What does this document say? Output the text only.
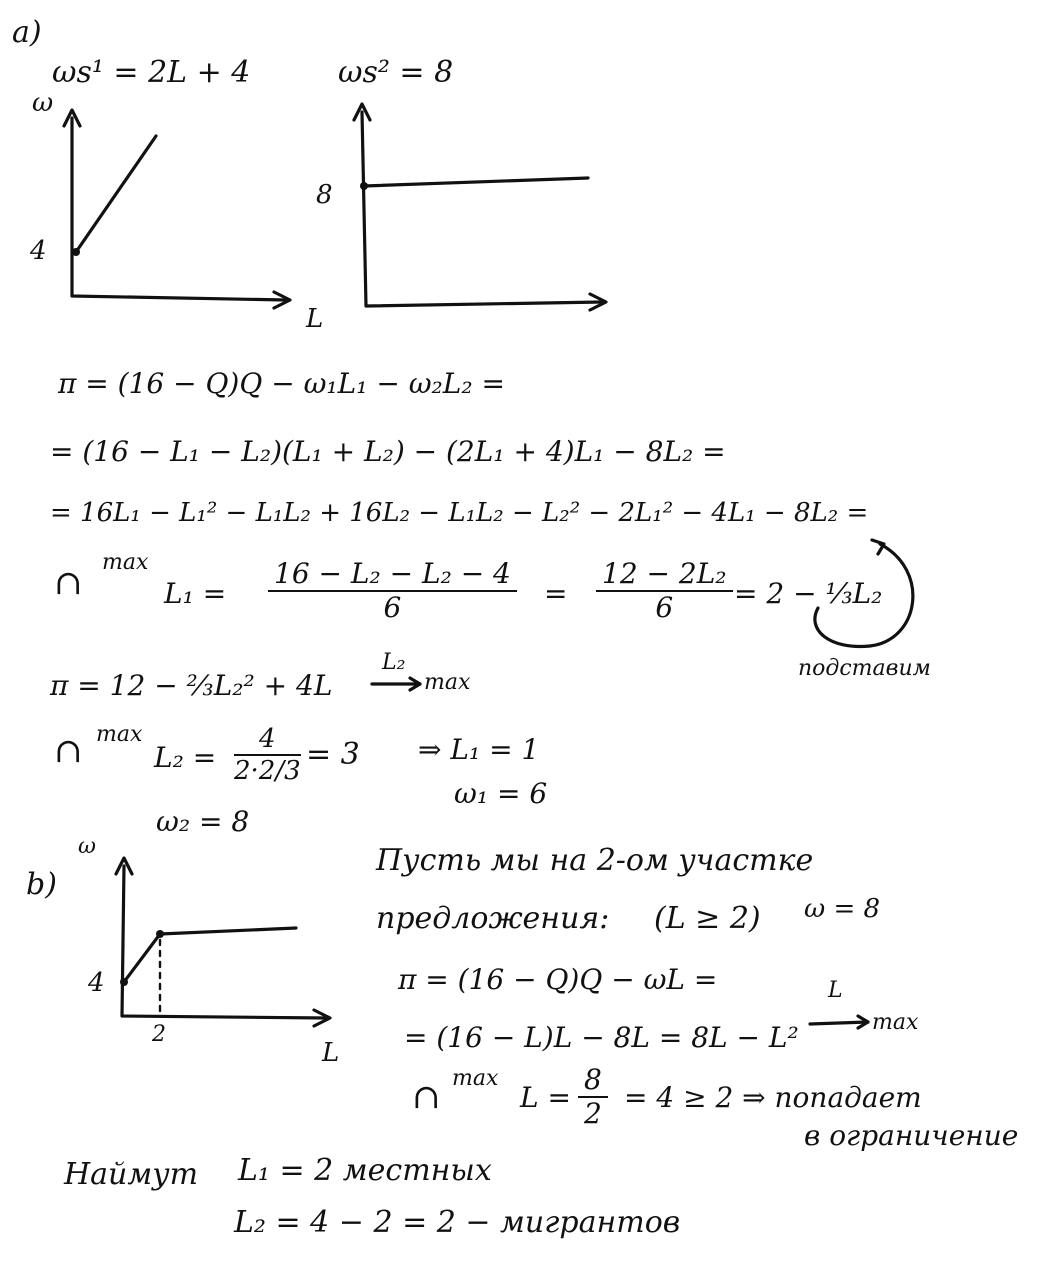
a)
ωs¹ = 2L + 4	ωs² = 8
ω
4
L
8
π = (16 − Q)Q − ω₁L₁ − ω₂L₂ =
= (16 − L₁ − L₂)(L₁ + L₂) − (2L₁ + 4)L₁ − 8L₂ =
= 16L₁ − L₁² − L₁L₂ + 16L₂ − L₁L₂ − L₂² − 2L₁² − 4L₁ − 8L₂ =
∩
max
$L_1 = \frac{\text{16 − L₂ − L₂ − 4}}{6} = \frac{\text{12 − 2L₂}}{6} = 2$ − ⅓L₂
подставим
π = 12 − ⅔L₂² + 4L
L₂
max
∩ max
$L_2 = \frac{4}{2\cdot 2/3} = 3$ ⇒ L₁ = 1
ω₁ = 6
ω₂ = 8
b)
ω
4
2
L
Пусть мы на 2-ом участке
предложения: (L ≥ 2) ω = 8
π = (16 − Q)Q − ωL =
= (16 − L)L − 8L = 8L − L²
L
max
∩ max
$L = \frac{8}{2} = 4 \ge 2$ ⇒ попадает
в ограничение
Наймут L₁ = 2 местных
L₂ = 4 − 2 = 2 − мигрантов
